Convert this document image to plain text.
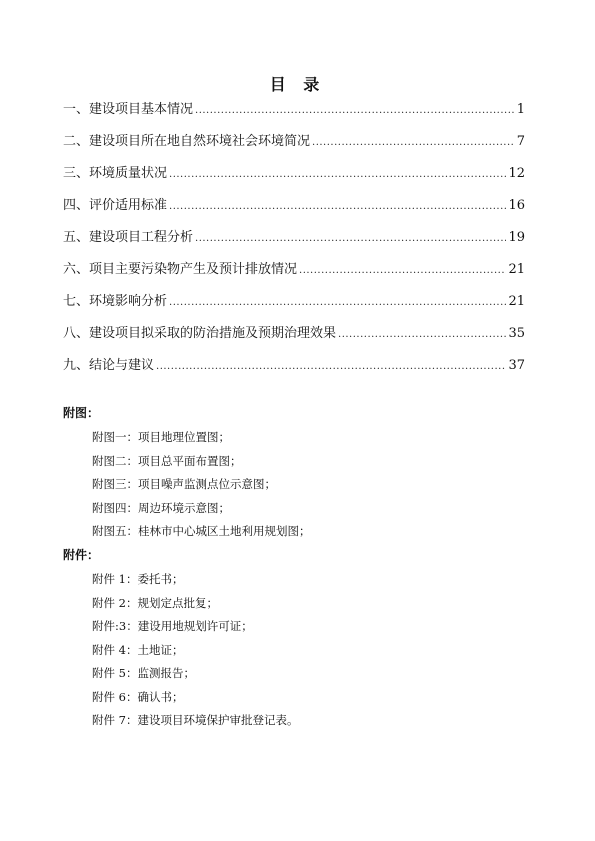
目 录
一、建设项目基本情况 .....	1
二、建设项目所在地自然环境社会环境简况 .....	7
三、环境质量状况 .....	12
四、评价适用标准 .....	16
五、建设项目工程分析 .....	19
六、项目主要污染物产生及预计排放情况 .....	21
七、环境影响分析 .....	21
八、建设项目拟采取的防治措施及预期治理效果 .....	35
九、结论与建议 .....	37
附图：
附图一：项目地理位置图；
附图二：项目总平面布置图；
附图三：项目噪声监测点位示意图；
附图四：周边环境示意图；
附图五：桂林市中心城区土地利用规划图；
附件：
附件 1：委托书；
附件 2：规划定点批复；
附件:3：建设用地规划许可证；
附件 4：土地证；
附件 5：监测报告；
附件 6：确认书；
附件 7：建设项目环境保护审批登记表。
